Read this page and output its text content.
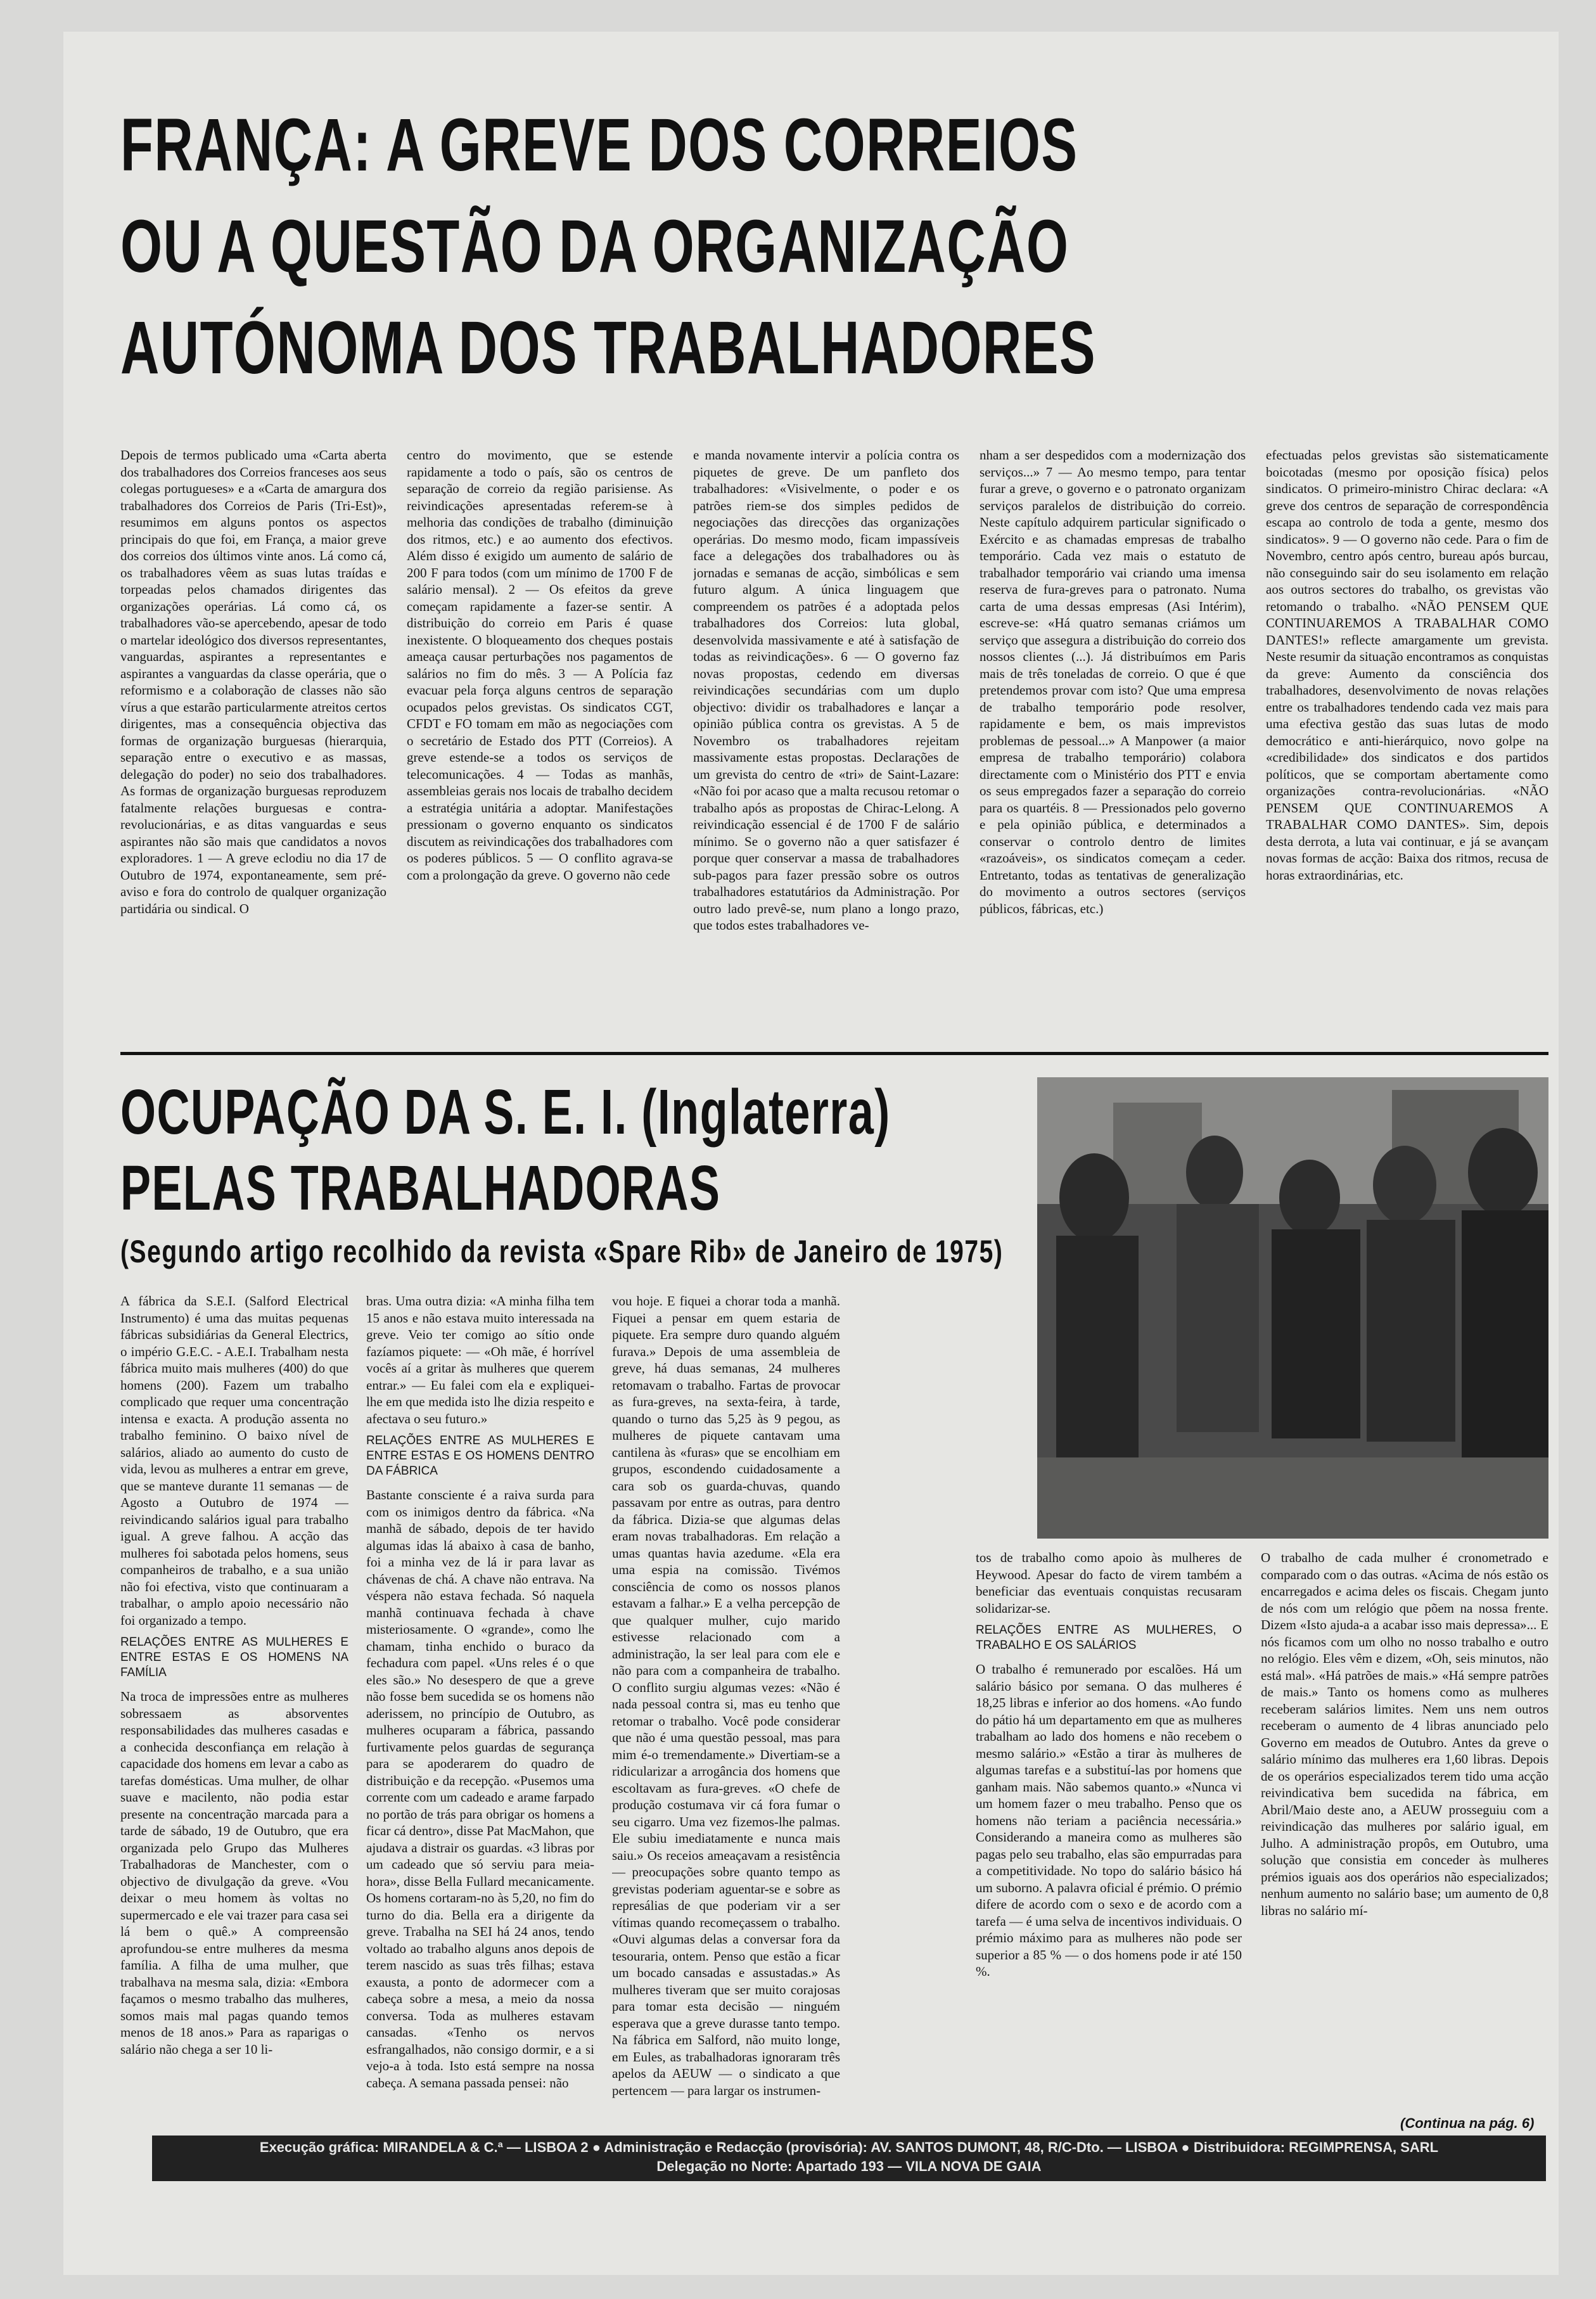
FRANÇA: A GREVE DOS CORREIOS
OU A QUESTÃO DA ORGANIZAÇÃO
AUTÓNOMA DOS TRABALHADORES
Depois de termos publicado uma «Carta aberta dos trabalhadores dos Correios franceses aos seus colegas portugueses» e a «Carta de amargura dos trabalhadores dos Correios de Paris (Tri-Est)», resumimos em alguns pontos os aspectos principais do que foi, em França, a maior greve dos correios dos últimos vinte anos. Lá como cá, os trabalhadores vêem as suas lutas traídas e torpeadas pelos chamados dirigentes das organizações operárias. Lá como cá, os trabalhadores vão-se apercebendo, apesar de todo o martelar ideológico dos diversos representantes, vanguardas, aspirantes a representantes e aspirantes a vanguardas da classe operária, que o reformismo e a colaboração de classes não são vírus a que estarão particularmente atreitos certos dirigentes, mas a consequência objectiva das formas de organização burguesas (hierarquia, separação entre o executivo e as massas, delegação do poder) no seio dos trabalhadores. As formas de organização burguesas reproduzem fatalmente relações burguesas e contra-revolucionárias, e as ditas vanguardas e seus aspirantes não são mais que candidatos a novos exploradores. 1 — A greve eclodiu no dia 17 de Outubro de 1974, expontaneamente, sem pré-aviso e fora do controlo de qualquer organização partidária ou sindical. O
centro do movimento, que se estende rapidamente a todo o país, são os centros de separação de correio da região parisiense. As reivindicações apresentadas referem-se à melhoria das condições de trabalho (diminuição dos ritmos, etc.) e ao aumento dos efectivos. Além disso é exigido um aumento de salário de 200 F para todos (com um mínimo de 1700 F de salário mensal). 2 — Os efeitos da greve começam rapidamente a fazer-se sentir. A distribuição do correio em Paris é quase inexistente. O bloqueamento dos cheques postais ameaça causar perturbações nos pagamentos de salários no fim do mês. 3 — A Polícia faz evacuar pela força alguns centros de separação ocupados pelos grevistas. Os sindicatos CGT, CFDT e FO tomam em mão as negociações com o secretário de Estado dos PTT (Correios). A greve estende-se a todos os serviços de telecomunicações. 4 — Todas as manhãs, assembleias gerais nos locais de trabalho decidem a estratégia unitária a adoptar. Manifestações pressionam o governo enquanto os sindicatos discutem as reivindicações dos trabalhadores com os poderes públicos. 5 — O conflito agrava-se com a prolongação da greve. O governo não cede
e manda novamente intervir a polícia contra os piquetes de greve. De um panfleto dos trabalhadores: «Visivelmente, o poder e os patrões riem-se dos simples pedidos de negociações das direcções das organizações operárias. Do mesmo modo, ficam impassíveis face a delegações dos trabalhadores ou às jornadas e semanas de acção, simbólicas e sem futuro algum. A única linguagem que compreendem os patrões é a adoptada pelos trabalhadores dos Correios: luta global, desenvolvida massivamente e até à satisfação de todas as reivindicações». 6 — O governo faz novas propostas, cedendo em diversas reivindicações secundárias com um duplo objectivo: dividir os trabalhadores e lançar a opinião pública contra os grevistas. A 5 de Novembro os trabalhadores rejeitam massivamente estas propostas. Declarações de um grevista do centro de «tri» de Saint-Lazare: «Não foi por acaso que a malta recusou retomar o trabalho após as propostas de Chirac-Lelong. A reivindicação essencial é de 1700 F de salário mínimo. Se o governo não a quer satisfazer é porque quer conservar a massa de trabalhadores sub-pagos para fazer pressão sobre os outros trabalhadores estatutários da Administração. Por outro lado prevê-se, num plano a longo prazo, que todos estes trabalhadores ve-
nham a ser despedidos com a modernização dos serviços...» 7 — Ao mesmo tempo, para tentar furar a greve, o governo e o patronato organizam serviços paralelos de distribuição do correio. Neste capítulo adquirem particular significado o Exército e as chamadas empresas de trabalho temporário. Cada vez mais o estatuto de trabalhador temporário vai criando uma imensa reserva de fura-greves para o patronato. Numa carta de uma dessas empresas (Asi Intérim), escreve-se: «Há quatro semanas criámos um serviço que assegura a distribuição do correio dos nossos clientes (...). Já distribuímos em Paris mais de três toneladas de correio. O que é que pretendemos provar com isto? Que uma empresa de trabalho temporário pode resolver, rapidamente e bem, os mais imprevistos problemas de pessoal...» A Manpower (a maior empresa de trabalho temporário) colabora directamente com o Ministério dos PTT e envia os seus empregados fazer a separação do correio para os quartéis. 8 — Pressionados pelo governo e pela opinião pública, e determinados a conservar o controlo dentro de limites «razoáveis», os sindicatos começam a ceder. Entretanto, todas as tentativas de generalização do movimento a outros sectores (serviços públicos, fábricas, etc.)
efectuadas pelos grevistas são sistematicamente boicotadas (mesmo por oposição física) pelos sindicatos. O primeiro-ministro Chirac declara: «A greve dos centros de separação de correspondência escapa ao controlo de toda a gente, mesmo dos sindicatos». 9 — O governo não cede. Para o fim de Novembro, centro após centro, bureau após burcau, não conseguindo sair do seu isolamento em relação aos outros sectores do trabalho, os grevistas vão retomando o trabalho. «NÃO PENSEM QUE CONTINUAREMOS A TRABALHAR COMO DANTES!» reflecte amargamente um grevista. Neste resumir da situação encontramos as conquistas da greve: Aumento da consciência dos trabalhadores, desenvolvimento de novas relações entre os trabalhadores tendendo cada vez mais para uma efectiva gestão das suas lutas de modo democrático e anti-hierárquico, novo golpe na «credibilidade» dos sindicatos e dos partidos políticos, que se comportam abertamente como organizações contra-revolucionárias. «NÃO PENSEM QUE CONTINUAREMOS A TRABALHAR COMO DANTES». Sim, depois desta derrota, a luta vai continuar, e já se avançam novas formas de acção: Baixa dos ritmos, recusa de horas extraordinárias, etc.
OCUPAÇÃO DA S. E. I. (Inglaterra)
PELAS TRABALHADORAS
(Segundo artigo recolhido da revista «Spare Rib» de Janeiro de 1975)
A fábrica da S.E.I. (Salford Electrical Instrumento) é uma das muitas pequenas fábricas subsidiárias da General Electrics, o império G.E.C. - A.E.I. Trabalham nesta fábrica muito mais mulheres (400) do que homens (200). Fazem um trabalho complicado que requer uma concentração intensa e exacta. A produção assenta no trabalho feminino. O baixo nível de salários, aliado ao aumento do custo de vida, levou as mulheres a entrar em greve, que se manteve durante 11 semanas — de Agosto a Outubro de 1974 — reivindicando salários igual para trabalho igual. A greve falhou. A acção das mulheres foi sabotada pelos homens, seus companheiros de trabalho, e a sua união não foi efectiva, visto que continuaram a trabalhar, o amplo apoio necessário não foi organizado a tempo.
RELAÇÕES ENTRE AS MULHERES E ENTRE ESTAS E OS HOMENS NA FAMÍLIA
Na troca de impressões entre as mulheres sobressaem as absorventes responsabilidades das mulheres casadas e a conhecida desconfiança em relação à capacidade dos homens em levar a cabo as tarefas domésticas. Uma mulher, de olhar suave e macilento, não podia estar presente na concentração marcada para a tarde de sábado, 19 de Outubro, que era organizada pelo Grupo das Mulheres Trabalhadoras de Manchester, com o objectivo de divulgação da greve. «Vou deixar o meu homem às voltas no supermercado e ele vai trazer para casa sei lá bem o quê.» A compreensão aprofundou-se entre mulheres da mesma família. A filha de uma mulher, que trabalhava na mesma sala, dizia: «Embora façamos o mesmo trabalho das mulheres, somos mais mal pagas quando temos menos de 18 anos.» Para as raparigas o salário não chega a ser 10 li-
bras. Uma outra dizia: «A minha filha tem 15 anos e não estava muito interessada na greve. Veio ter comigo ao sítio onde fazíamos piquete: — «Oh mãe, é horrível vocês aí a gritar às mulheres que querem entrar.» — Eu falei com ela e expliquei-lhe em que medida isto lhe dizia respeito e afectava o seu futuro.»
RELAÇÕES ENTRE AS MULHERES E ENTRE ESTAS E OS HOMENS DENTRO DA FÁBRICA
Bastante consciente é a raiva surda para com os inimigos dentro da fábrica. «Na manhã de sábado, depois de ter havido algumas idas lá abaixo à casa de banho, foi a minha vez de lá ir para lavar as chávenas de chá. A chave não entrava. Na véspera não estava fechada. Só naquela manhã continuava fechada à chave misteriosamente. O «grande», como lhe chamam, tinha enchido o buraco da fechadura com papel. «Uns reles é o que eles são.» No desespero de que a greve não fosse bem sucedida se os homens não aderissem, no princípio de Outubro, as mulheres ocuparam a fábrica, passando furtivamente pelos guardas de segurança para se apoderarem do quadro de distribuição e da recepção. «Pusemos uma corrente com um cadeado e arame farpado no portão de trás para obrigar os homens a ficar cá dentro», disse Pat MacMahon, que ajudava a distrair os guardas. «3 libras por um cadeado que só serviu para meia-hora», disse Bella Fullard mecanicamente. Os homens cortaram-no às 5,20, no fim do turno do dia. Bella era a dirigente da greve. Trabalha na SEI há 24 anos, tendo voltado ao trabalho alguns anos depois de terem nascido as suas três filhas; estava exausta, a ponto de adormecer com a cabeça sobre a mesa, a meio da nossa conversa. Toda as mulheres estavam cansadas. «Tenho os nervos esfrangalhados, não consigo dormir, e a si vejo-a à toda. Isto está sempre na nossa cabeça. A semana passada pensei: não
vou hoje. E fiquei a chorar toda a manhã. Fiquei a pensar em quem estaria de piquete. Era sempre duro quando alguém furava.» Depois de uma assembleia de greve, há duas semanas, 24 mulheres retomavam o trabalho. Fartas de provocar as fura-greves, na sexta-feira, à tarde, quando o turno das 5,25 às 9 pegou, as mulheres de piquete cantavam uma cantilena às «furas» que se encolhiam em grupos, escondendo cuidadosamente a cara sob os guarda-chuvas, quando passavam por entre as outras, para dentro da fábrica. Dizia-se que algumas delas eram novas trabalhadoras. Em relação a umas quantas havia azedume. «Ela era uma espia na comissão. Tivémos consciência de como os nossos planos estavam a falhar.» E a velha percepção de que qualquer mulher, cujo marido estivesse relacionado com a administração, la ser leal para com ele e não para com a companheira de trabalho. O conflito surgiu algumas vezes: «Não é nada pessoal contra si, mas eu tenho que retomar o trabalho. Você pode considerar que não é uma questão pessoal, mas para mim é-o tremendamente.» Divertiam-se a ridicularizar a arrogância dos homens que escoltavam as fura-greves. «O chefe de produção costumava vir cá fora fumar o seu cigarro. Uma vez fizemos-lhe palmas. Ele subiu imediatamente e nunca mais saiu.» Os receios ameaçavam a resistência — preocupações sobre quanto tempo as grevistas poderiam aguentar-se e sobre as represálias de que poderiam vir a ser vítimas quando recomeçassem o trabalho. «Ouvi algumas delas a conversar fora da tesouraria, ontem. Penso que estão a ficar um bocado cansadas e assustadas.» As mulheres tiveram que ser muito corajosas para tomar esta decisão — ninguém esperava que a greve durasse tanto tempo. Na fábrica em Salford, não muito longe, em Eules, as trabalhadoras ignoraram três apelos da AEUW — o sindicato a que pertencem — para largar os instrumen-
tos de trabalho como apoio às mulheres de Heywood. Apesar do facto de virem também a beneficiar das eventuais conquistas recusaram solidarizar-se.
RELAÇÕES ENTRE AS MULHERES, O TRABALHO E OS SALÁRIOS
O trabalho é remunerado por escalões. Há um salário básico por semana. O das mulheres é 18,25 libras e inferior ao dos homens. «Ao fundo do pátio há um departamento em que as mulheres trabalham ao lado dos homens e não recebem o mesmo salário.» «Estão a tirar às mulheres de algumas tarefas e a substituí-las por homens que ganham mais. Não sabemos quanto.» «Nunca vi um homem fazer o meu trabalho. Penso que os homens não teriam a paciência necessária.» Considerando a maneira como as mulheres são pagas pelo seu trabalho, elas são empurradas para a competitividade. No topo do salário básico há um suborno. A palavra oficial é prémio. O prémio difere de acordo com o sexo e de acordo com a tarefa — é uma selva de incentivos individuais. O prémio máximo para as mulheres não pode ser superior a 85 % — o dos homens pode ir até 150 %.
O trabalho de cada mulher é cronometrado e comparado com o das outras. «Acima de nós estão os encarregados e acima deles os fiscais. Chegam junto de nós com um relógio que põem na nossa frente. Dizem «Isto ajuda-a a acabar isso mais depressa»... E nós ficamos com um olho no nosso trabalho e outro no relógio. Eles vêm e dizem, «Oh, seis minutos, não está mal». «Há patrões de mais.» «Há sempre patrões de mais.» Tanto os homens como as mulheres receberam salários limites. Nem uns nem outros receberam o aumento de 4 libras anunciado pelo Governo em meados de Outubro. Antes da greve o salário mínimo das mulheres era 1,60 libras. Depois de os operários especializados terem tido uma acção reivindicativa bem sucedida na fábrica, em Abril/Maio deste ano, a AEUW prosseguiu com a reivindicação das mulheres por salário igual, em Julho. A administração propôs, em Outubro, uma solução que consistia em conceder às mulheres prémios iguais aos dos operários não especializados; nenhum aumento no salário base; um aumento de 0,8 libras no salário mí-
(Continua na pág. 6)
Execução gráfica: MIRANDELA & C.ª — LISBOA 2 ● Administração e Redacção (provisória): AV. SANTOS DUMONT, 48, R/C-Dto. — LISBOA ● Distribuidora: REGIMPRENSA, SARL
Delegação no Norte: Apartado 193 — VILA NOVA DE GAIA
